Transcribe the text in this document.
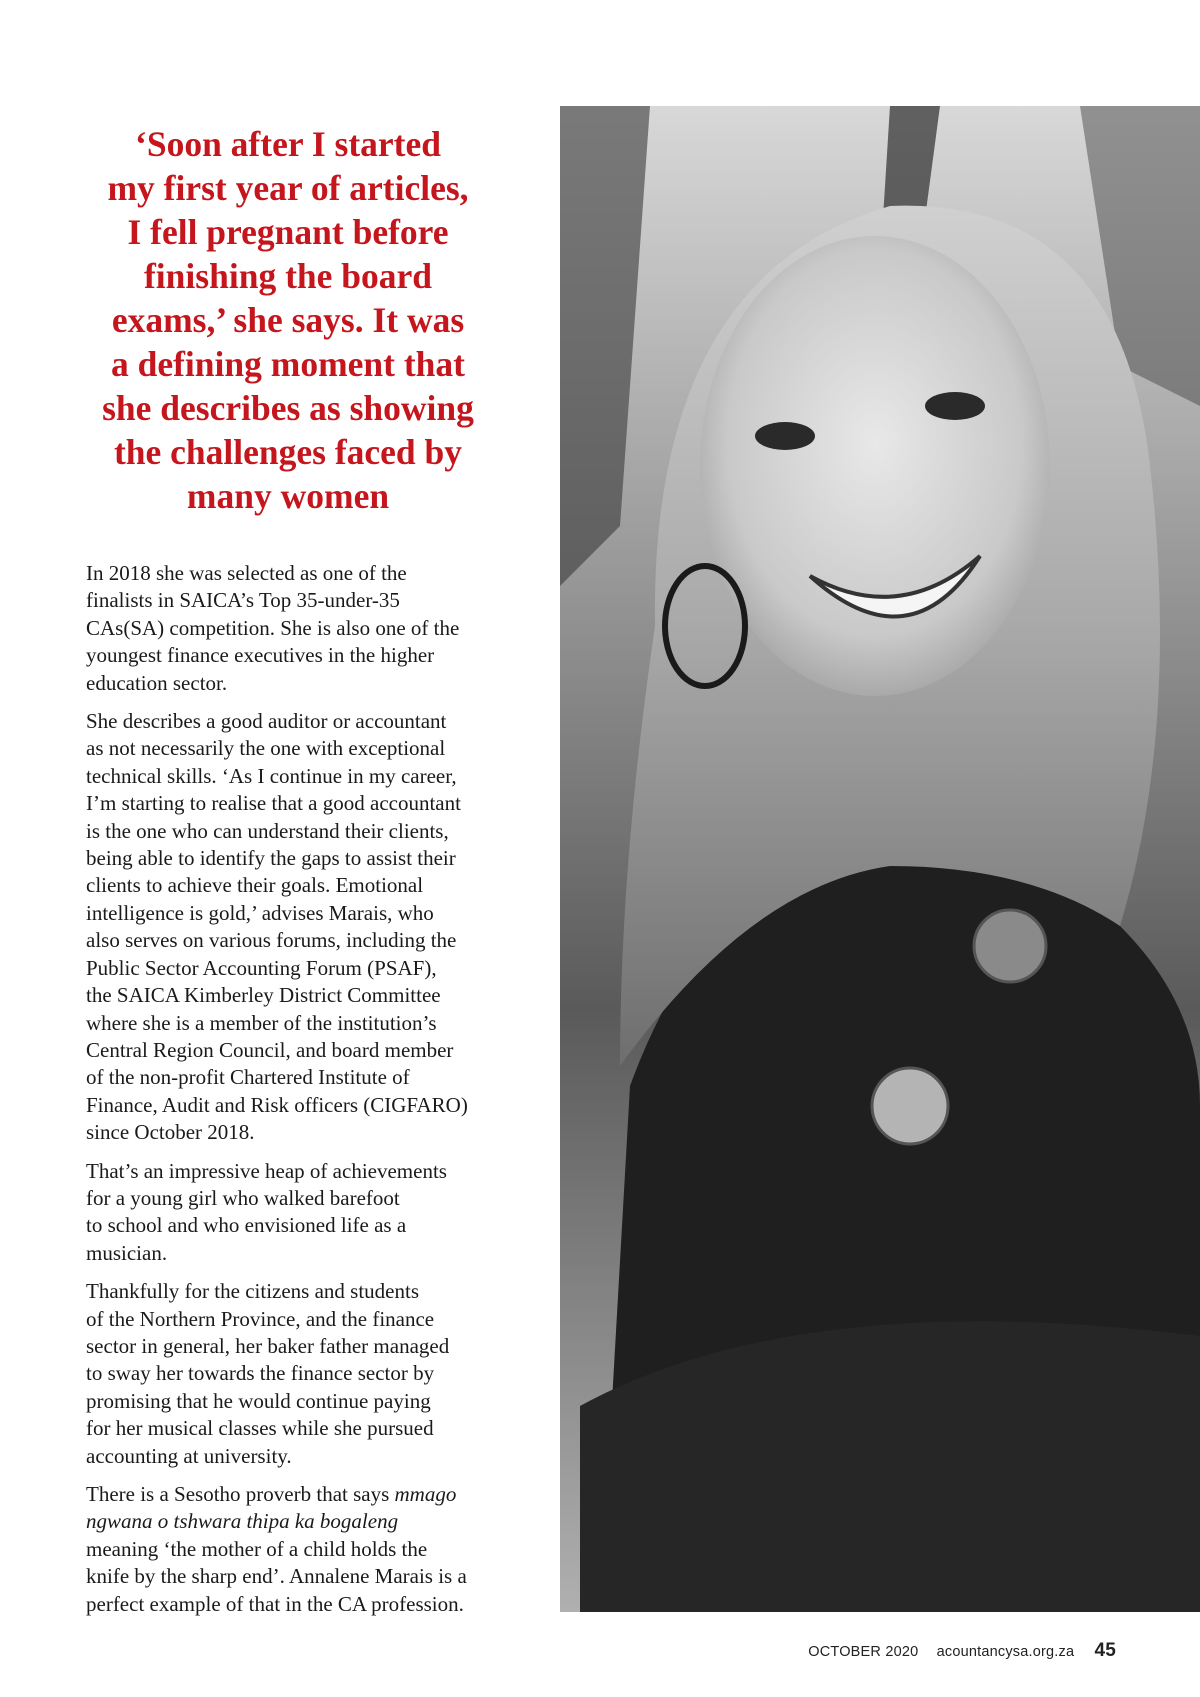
‘Soon after I started
my first year of articles,
I fell pregnant before
finishing the board
exams,’ she says. It was
a defining moment that
she describes as showing
the challenges faced by
many women

In 2018 she was selected as one of the
finalists in SAICA’s Top 35-under-35
CAs(SA) competition. She is also one of the
youngest finance executives in the higher
education sector.

She describes a good auditor or accountant
as not necessarily the one with exceptional
technical skills. ‘As I continue in my career,
I’m starting to realise that a good accountant
is the one who can understand their clients,
being able to identify the gaps to assist their
clients to achieve their goals. Emotional
intelligence is gold,’ advises Marais, who
also serves on various forums, including the
Public Sector Accounting Forum (PSAF),
the SAICA Kimberley District Committee
where she is a member of the institution’s
Central Region Council, and board member
of the non-profit Chartered Institute of
Finance, Audit and Risk officers (CIGFARO)
since October 2018.

That’s an impressive heap of achievements
for a young girl who walked barefoot
to school and who envisioned life as a
musician.

Thankfully for the citizens and students
of the Northern Province, and the finance
sector in general, her baker father managed
to sway her towards the finance sector by
promising that he would continue paying
for her musical classes while she pursued
accounting at university.

There is a Sesotho proverb that says mmago
ngwana o tshwara thipa ka bogaleng
meaning ‘the mother of a child holds the
knife by the sharp end’. Annalene Marais is a
perfect example of that in the CA profession.

OCTOBER 2020 acountancysa.org.za 45
